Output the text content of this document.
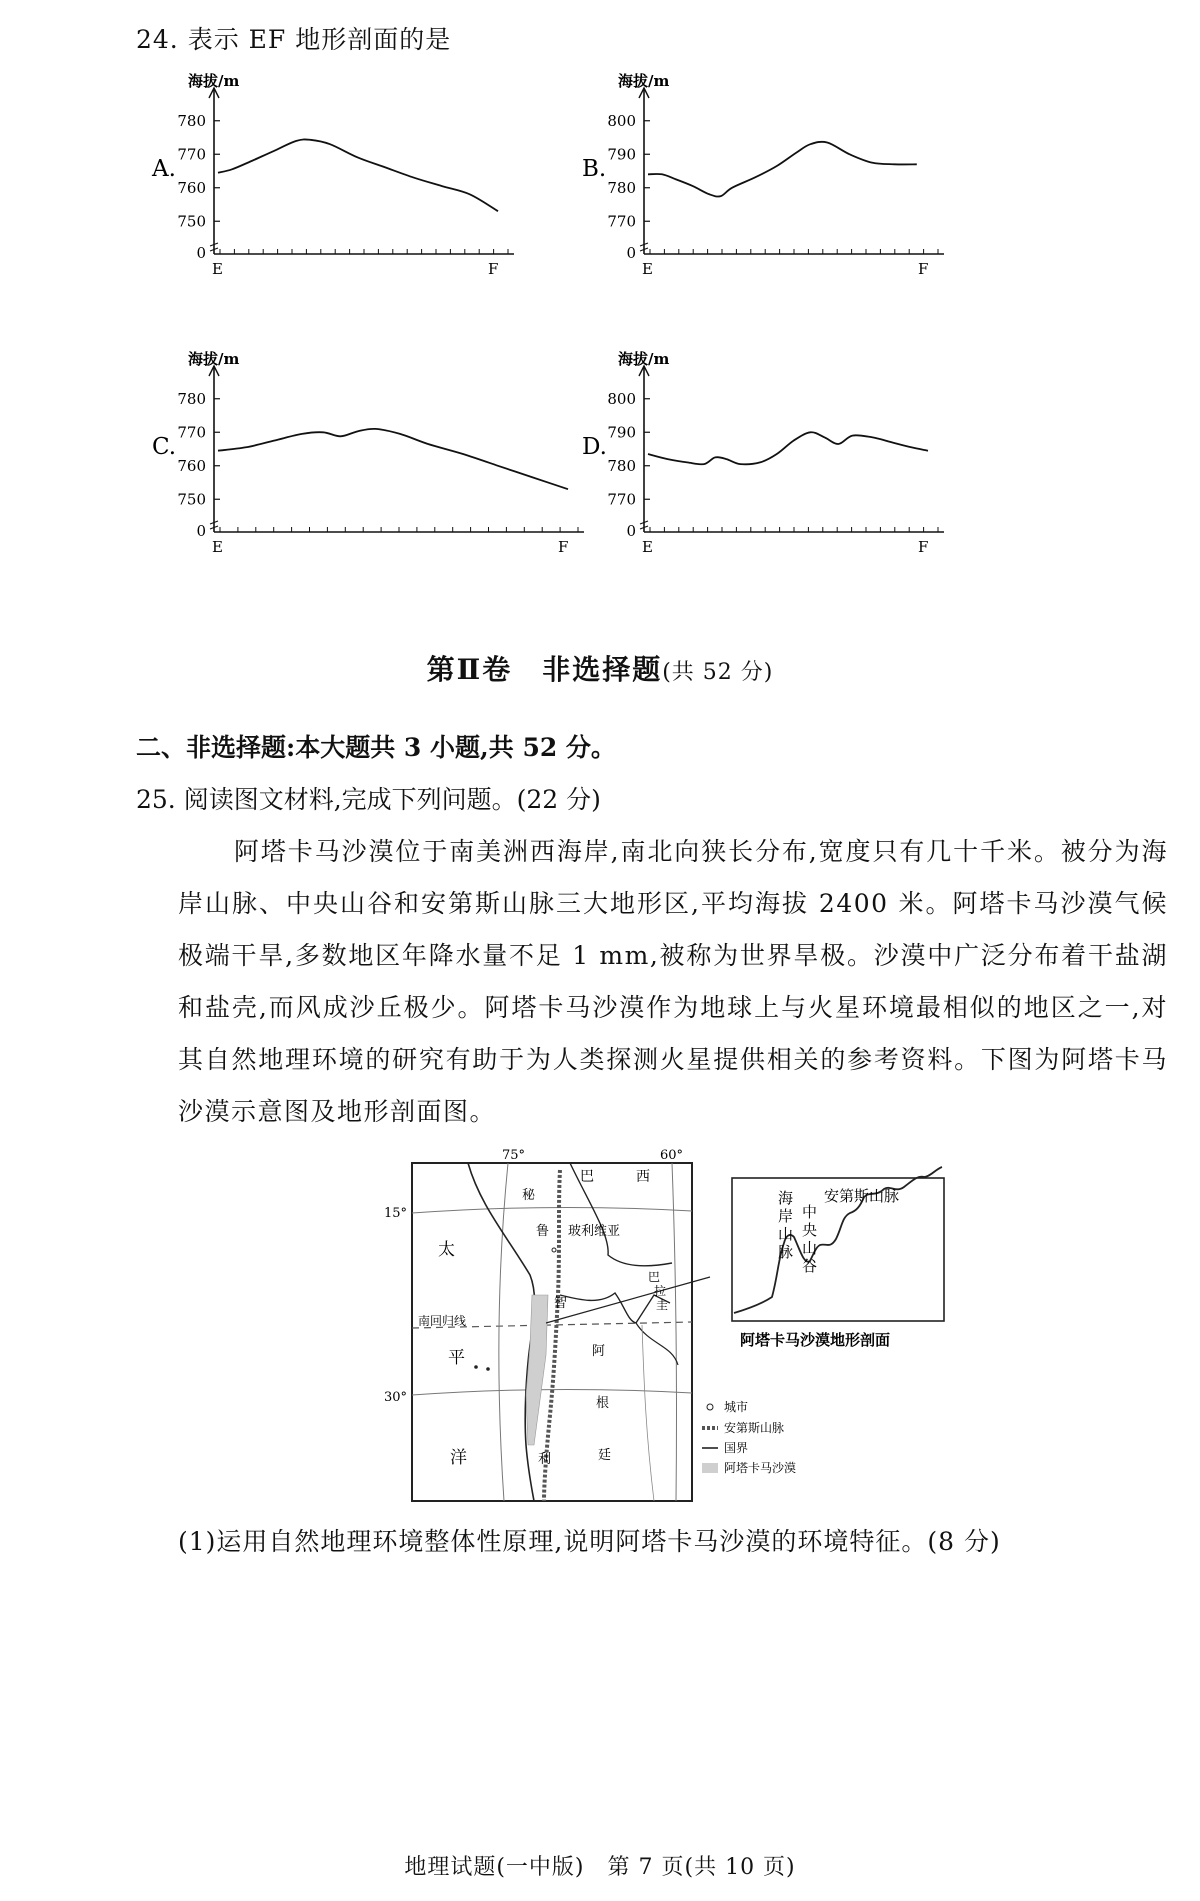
24. 表示 EF 地形剖面的是
A.
海拔/m
780
770
760
750
0
E	F
B.
海拔/m
800
790
780
770
0
E	F
C.
海拔/m
780
770
760
750
0
E	F
D.
海拔/m
800
790
780
770
0
E	F
第Ⅱ卷　非选择题(共 52 分)
二、非选择题:本大题共 3 小题,共 52 分。
25. 阅读图文材料,完成下列问题。(22 分)
阿塔卡马沙漠位于南美洲西海岸,南北向狭长分布,宽度只有几十千米。被分为海岸山脉、中央山谷和安第斯山脉三大地形区,平均海拔 2400 米。阿塔卡马沙漠气候极端干旱,多数地区年降水量不足 1 mm,被称为世界旱极。沙漠中广泛分布着干盐湖和盐壳,而风成沙丘极少。阿塔卡马沙漠作为地球上与火星环境最相似的地区之一,对其自然地理环境的研究有助于为人类探测火星提供相关的参考资料。下图为阿塔卡马沙漠示意图及地形剖面图。
75°	60°
15°
30°
巴	西
秘
鲁 玻利维亚
巴
拉
圭
智
利
阿
根
廷
太
平
洋
南回归线
海
岸
山
脉
中
央
山
谷
安第斯山脉
阿塔卡马沙漠地形剖面
城市
安第斯山脉
国界
阿塔卡马沙漠
(1)运用自然地理环境整体性原理,说明阿塔卡马沙漠的环境特征。(8 分)
地理试题(一中版)　第 7 页(共 10 页)
